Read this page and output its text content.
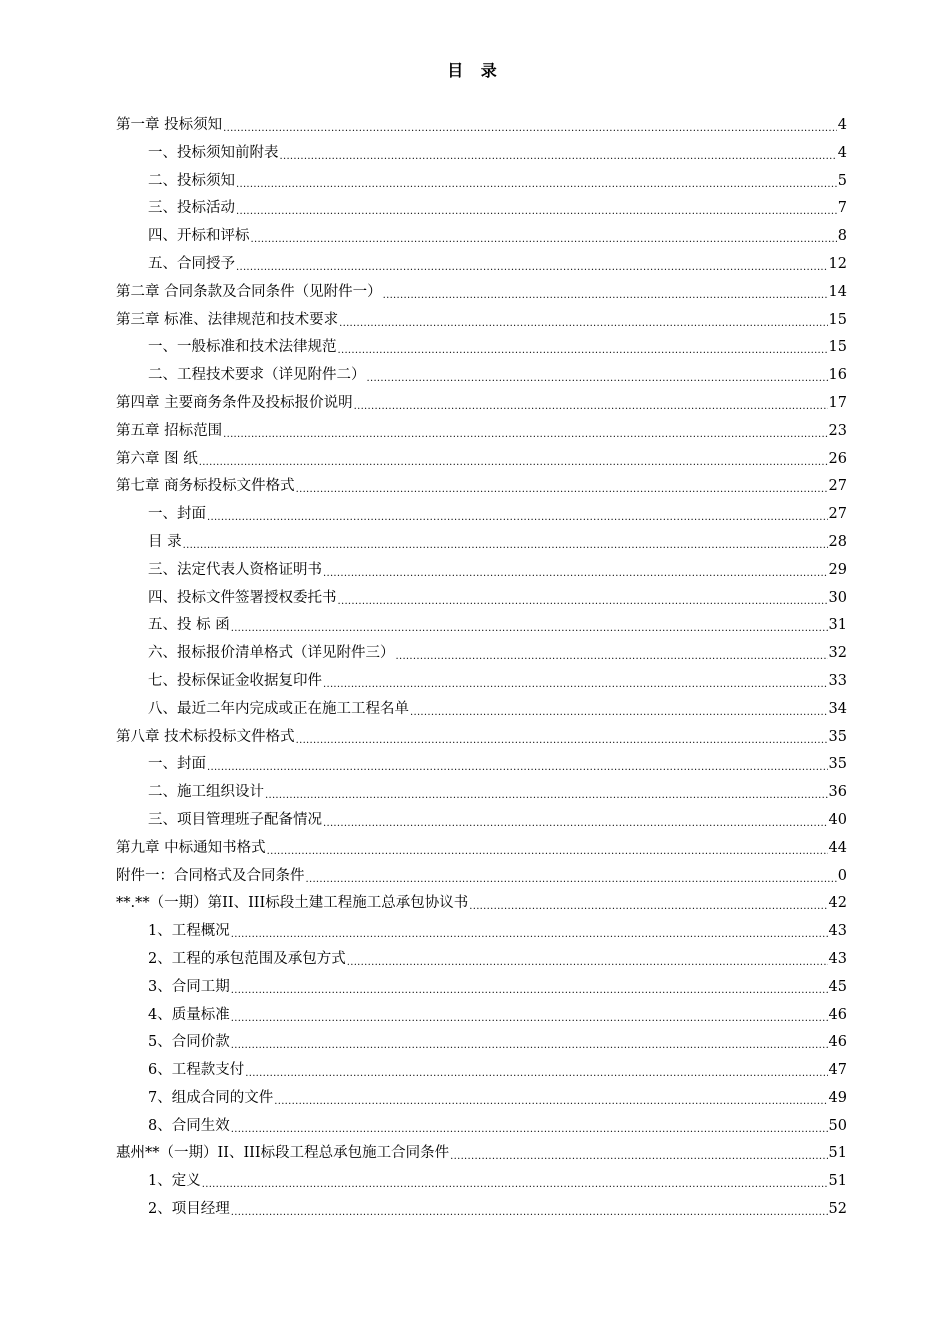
目 录
第一章 投标须知 .....	4
一、投标须知前附表 .....	4
二、投标须知 .....	5
三、投标活动 .....	7
四、开标和评标 .....	8
五、合同授予 .....	12
第二章 合同条款及合同条件（见附件一） .....	14
第三章 标准、法律规范和技术要求 .....	15
一、一般标准和技术法律规范 .....	15
二、工程技术要求（详见附件二） .....	16
第四章 主要商务条件及投标报价说明 .....	17
第五章 招标范围 .....	23
第六章 图 纸 .....	26
第七章 商务标投标文件格式 .....	27
一、封面 .....	27
目 录 .....	28
三、法定代表人资格证明书 .....	29
四、投标文件签署授权委托书 .....	30
五、投 标 函 .....	31
六、报标报价清单格式（详见附件三） .....	32
七、投标保证金收据复印件 .....	33
八、最近二年内完成或正在施工工程名单 .....	34
第八章 技术标投标文件格式 .....	35
一、封面 .....	35
二、施工组织设计 .....	36
三、项目管理班子配备情况 .....	40
第九章 中标通知书格式 .....	44
附件一：合同格式及合同条件 .....	0
**.**（一期）第II、III标段土建工程施工总承包协议书 .....	42
1、工程概况 .....	43
2、工程的承包范围及承包方式 .....	43
3、合同工期 .....	45
4、质量标准 .....	46
5、合同价款 .....	46
6、工程款支付 .....	47
7、组成合同的文件 .....	49
8、合同生效 .....	50
惠州**（一期）II、III标段工程总承包施工合同条件 .....	51
1、定义 .....	51
2、项目经理 .....	52
